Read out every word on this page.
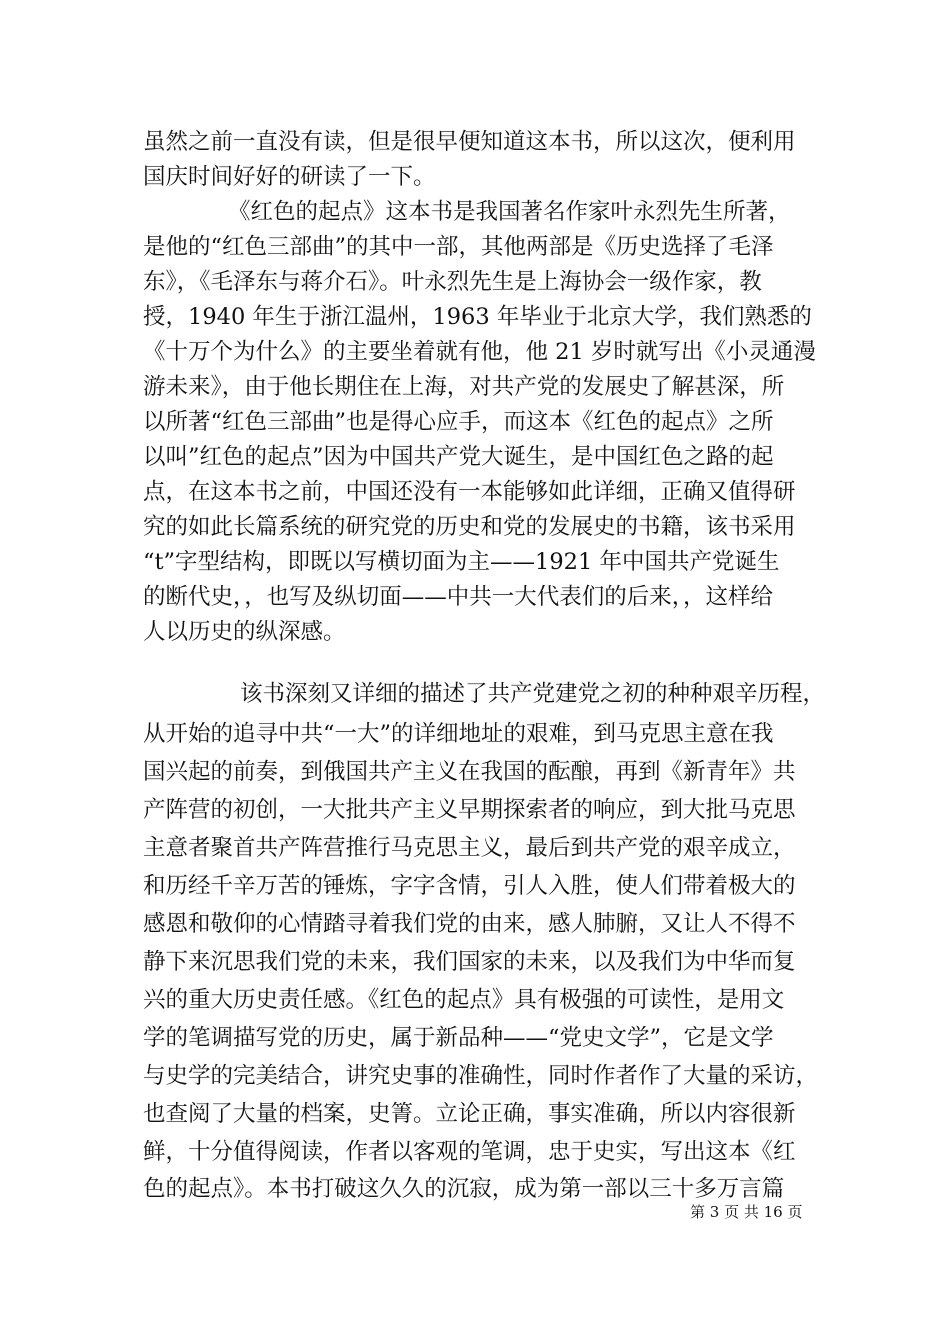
虽然之前一直没有读，但是很早便知道这本书，所以这次，便利用
国庆时间好好的研读了一下。
《红色的起点》这本书是我国著名作家叶永烈先生所著，
是他的“红色三部曲”的其中一部，其他两部是《历史选择了毛泽
东》，《毛泽东与蒋介石》。叶永烈先生是上海协会一级作家，教
授，1940 年生于浙江温州，1963 年毕业于北京大学，我们熟悉的
《十万个为什么》的主要坐着就有他，他 21 岁时就写出《小灵通漫
游未来》，由于他长期住在上海，对共产党的发展史了解甚深，所
以所著“红色三部曲”也是得心应手，而这本《红色的起点》之所
以叫”红色的起点”因为中国共产党大诞生，是中国红色之路的起
点，在这本书之前，中国还没有一本能够如此详细，正确又值得研
究的如此长篇系统的研究党的历史和党的发展史的书籍，该书采用
“t”字型结构，即既以写横切面为主——1921 年中国共产党诞生
的断代史，，也写及纵切面——中共一大代表们的后来，，这样给
人以历史的纵深感。
该书深刻又详细的描述了共产党建党之初的种种艰辛历程，
从开始的追寻中共“一大”的详细地址的艰难，到马克思主意在我
国兴起的前奏，到俄国共产主义在我国的酝酿，再到《新青年》共
产阵营的初创，一大批共产主义早期探索者的响应，到大批马克思
主意者聚首共产阵营推行马克思主义，最后到共产党的艰辛成立，
和历经千辛万苦的锤炼，字字含情，引人入胜，使人们带着极大的
感恩和敬仰的心情踏寻着我们党的由来，感人肺腑，又让人不得不
静下来沉思我们党的未来，我们国家的未来，以及我们为中华而复
兴的重大历史责任感。《红色的起点》具有极强的可读性，是用文
学的笔调描写党的历史，属于新品种——“党史文学”，它是文学
与史学的完美结合，讲究史事的准确性，同时作者作了大量的采访，
也查阅了大量的档案，史箐。立论正确，事实准确，所以内容很新
鲜，十分值得阅读，作者以客观的笔调，忠于史实，写出这本《红
色的起点》。本书打破这久久的沉寂，成为第一部以三十多万言篇
第 3 页 共 16 页
